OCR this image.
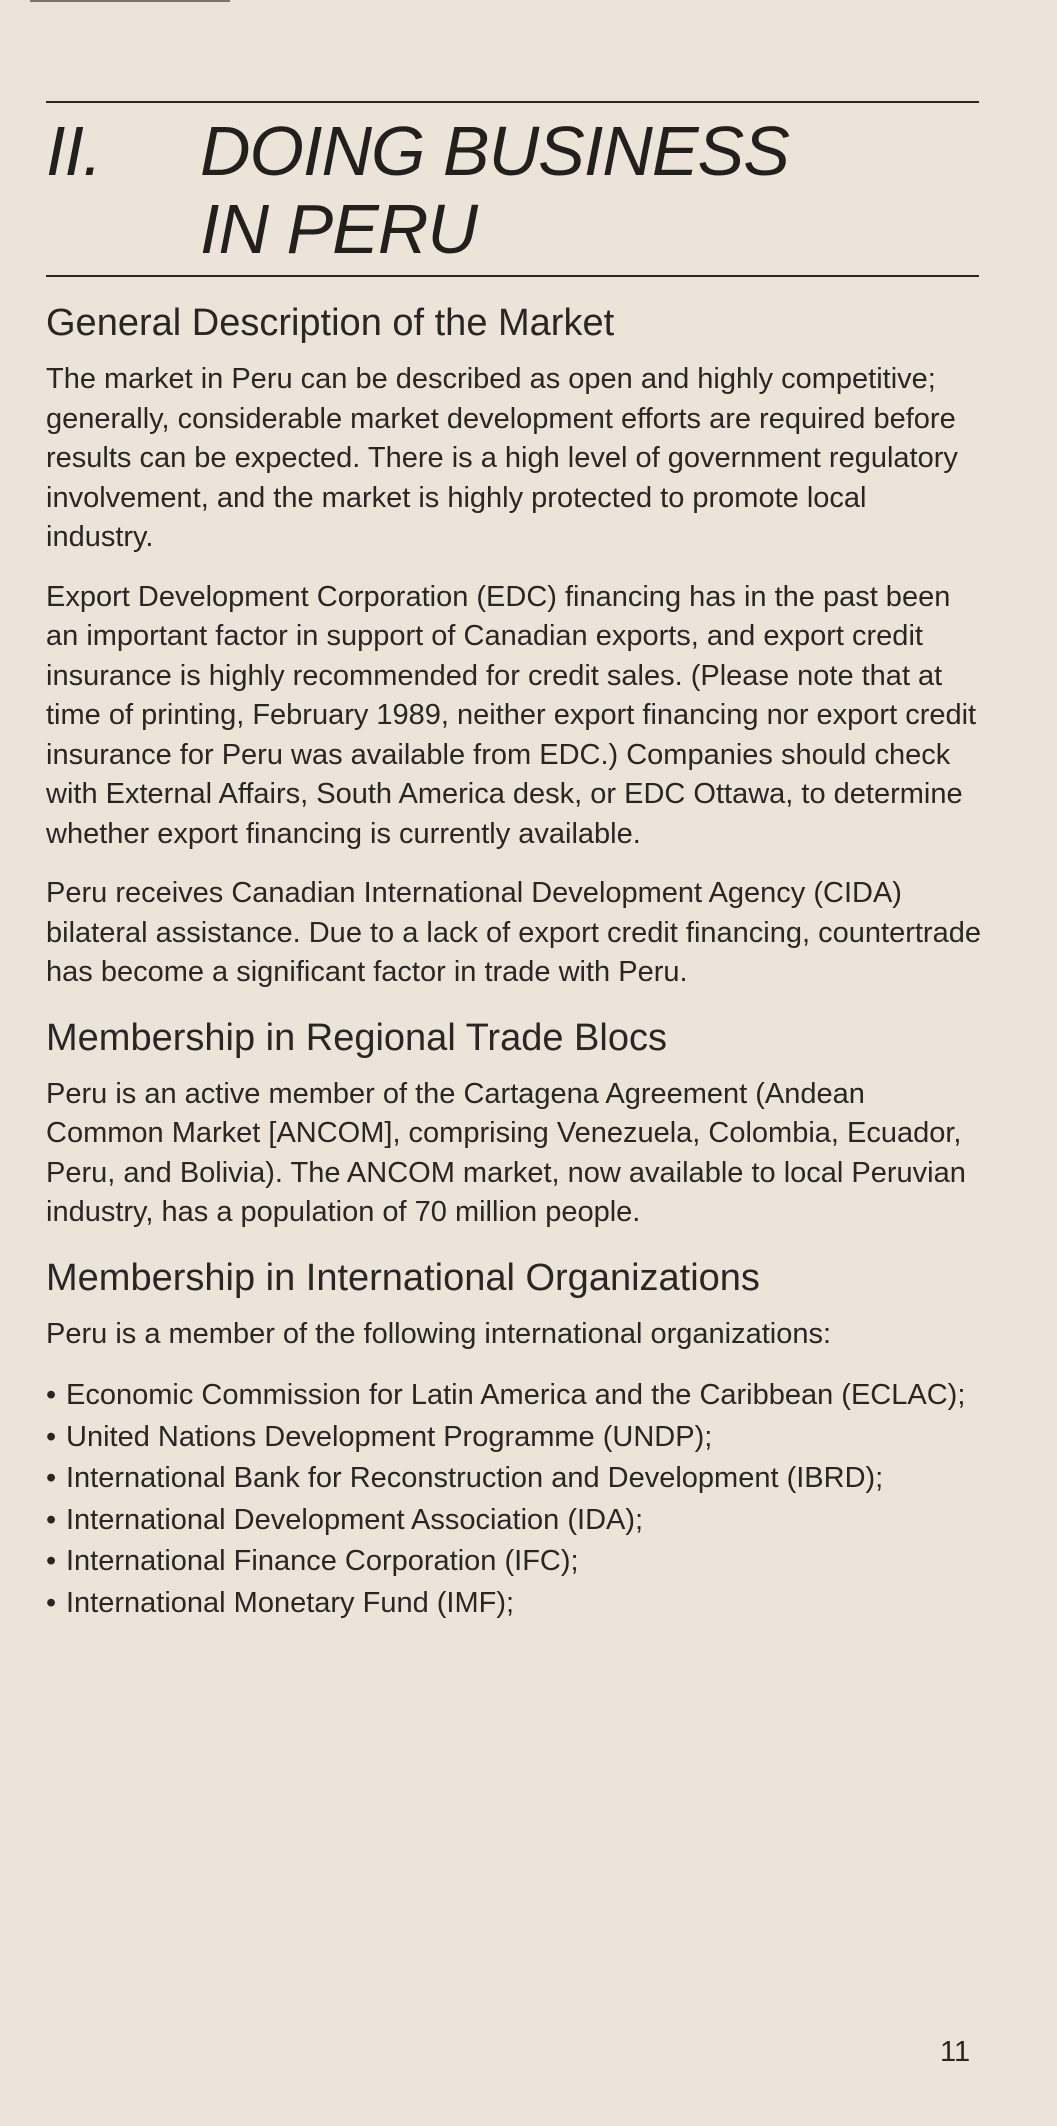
II. DOING BUSINESS
IN PERU
General Description of the Market

The market in Peru can be described as open and highly competitive; generally, considerable market development efforts are required before results can be expected. There is a high level of government regulatory involvement, and the market is highly protected to promote local industry.

Export Development Corporation (EDC) financing has in the past been an important factor in support of Canadian exports, and export credit insurance is highly recommended for credit sales. (Please note that at time of printing, February 1989, neither export financing nor export credit insurance for Peru was available from EDC.) Companies should check with External Affairs, South America desk, or EDC Ottawa, to determine whether export financing is currently available.

Peru receives Canadian International Development Agency (CIDA) bilateral assistance. Due to a lack of export credit financing, countertrade has become a significant factor in trade with Peru.

Membership in Regional Trade Blocs

Peru is an active member of the Cartagena Agreement (Andean Common Market [ANCOM], comprising Venezuela, Colombia, Ecuador, Peru, and Bolivia). The ANCOM market, now available to local Peruvian industry, has a population of 70 million people.

Membership in International Organizations

Peru is a member of the following international organizations:

• Economic Commission for Latin America and the Caribbean (ECLAC);
• United Nations Development Programme (UNDP);
• International Bank for Reconstruction and Development (IBRD);
• International Development Association (IDA);
• International Finance Corporation (IFC);
• International Monetary Fund (IMF);
11
